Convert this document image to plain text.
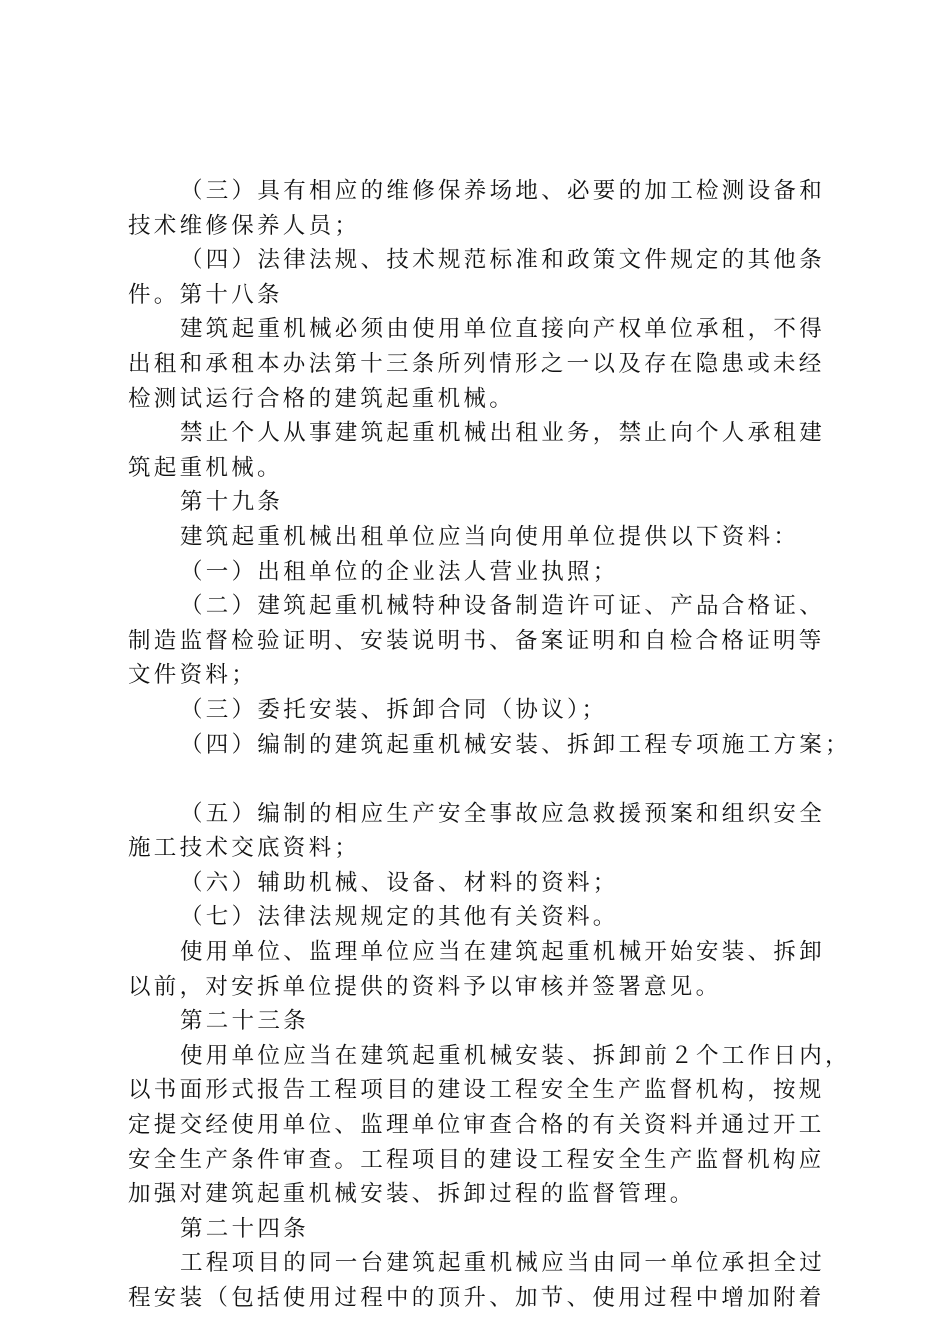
（三）具有相应的维修保养场地、必要的加工检测设备和
技术维修保养人员；
（四）法律法规、技术规范标准和政策文件规定的其他条
件。第十八条
建筑起重机械必须由使用单位直接向产权单位承租，不得
出租和承租本办法第十三条所列情形之一以及存在隐患或未经
检测试运行合格的建筑起重机械。
禁止个人从事建筑起重机械出租业务，禁止向个人承租建
筑起重机械。
第十九条
建筑起重机械出租单位应当向使用单位提供以下资料：
（一）出租单位的企业法人营业执照；
（二）建筑起重机械特种设备制造许可证、产品合格证、
制造监督检验证明、安装说明书、备案证明和自检合格证明等
文件资料；
（三）委托安装、拆卸合同（协议）；
（四）编制的建筑起重机械安装、拆卸工程专项施工方案；
（五）编制的相应生产安全事故应急救援预案和组织安全
施工技术交底资料；
（六）辅助机械、设备、材料的资料；
（七）法律法规规定的其他有关资料。
使用单位、监理单位应当在建筑起重机械开始安装、拆卸
以前，对安拆单位提供的资料予以审核并签署意见。
第二十三条
使用单位应当在建筑起重机械安装、拆卸前２个工作日内，
以书面形式报告工程项目的建设工程安全生产监督机构，按规
定提交经使用单位、监理单位审查合格的有关资料并通过开工
安全生产条件审查。工程项目的建设工程安全生产监督机构应
加强对建筑起重机械安装、拆卸过程的监督管理。
第二十四条
工程项目的同一台建筑起重机械应当由同一单位承担全过
程安装（包括使用过程中的顶升、加节、使用过程中增加附着
